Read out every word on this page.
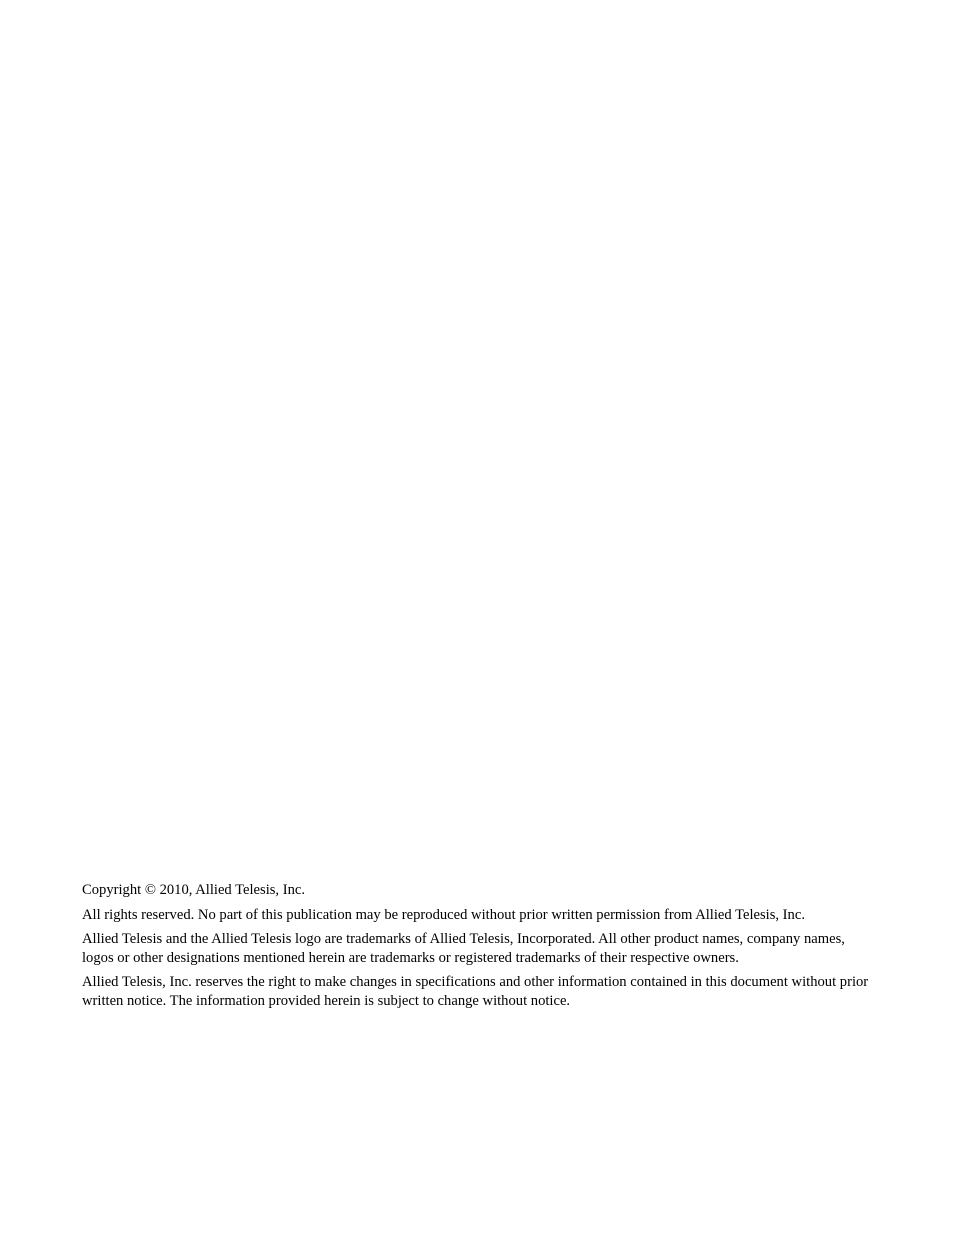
Copyright © 2010, Allied Telesis, Inc.

All rights reserved. No part of this publication may be reproduced without prior written permission from Allied Telesis, Inc.

Allied Telesis and the Allied Telesis logo are trademarks of Allied Telesis, Incorporated. All other product names, company names, logos or other designations mentioned herein are trademarks or registered trademarks of their respective owners.

Allied Telesis, Inc. reserves the right to make changes in specifications and other information contained in this document without prior written notice. The information provided herein is subject to change without notice.
